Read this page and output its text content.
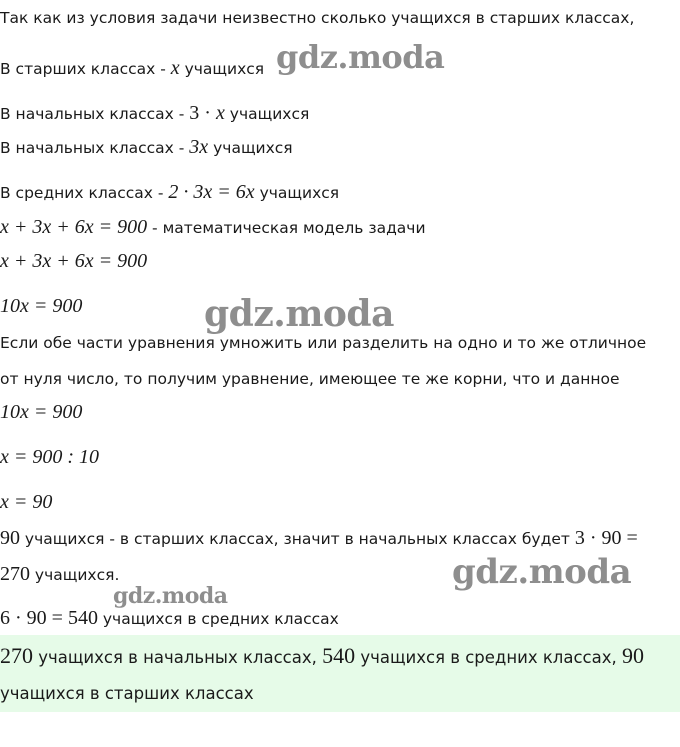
Так как из условия задачи неизвестно сколько учащихся в старших классах,
В старших классах - x учащихся
В начальных классах - 3 · x учащихся
В начальных классах - 3x учащихся
В средних классах - 2 · 3x = 6x учащихся
x + 3x + 6x = 900 - математическая модель задачи
x + 3x + 6x = 900
10x = 900
Если обе части уравнения умножить или разделить на одно и то же отличное
от нуля число, то получим уравнение, имеющее те же корни, что и данное
10x = 900
x = 900 : 10
x = 90
90 учащихся - в старших классах, значит в начальных классах будет 3 · 90 =
270 учащихся.
6 · 90 = 540 учащихся в средних классах
270 учащихся в начальных классах, 540 учащихся в средних классах, 90
учащихся в старших классах
gdz.moda
gdz.moda
gdz.moda
gdz.moda
